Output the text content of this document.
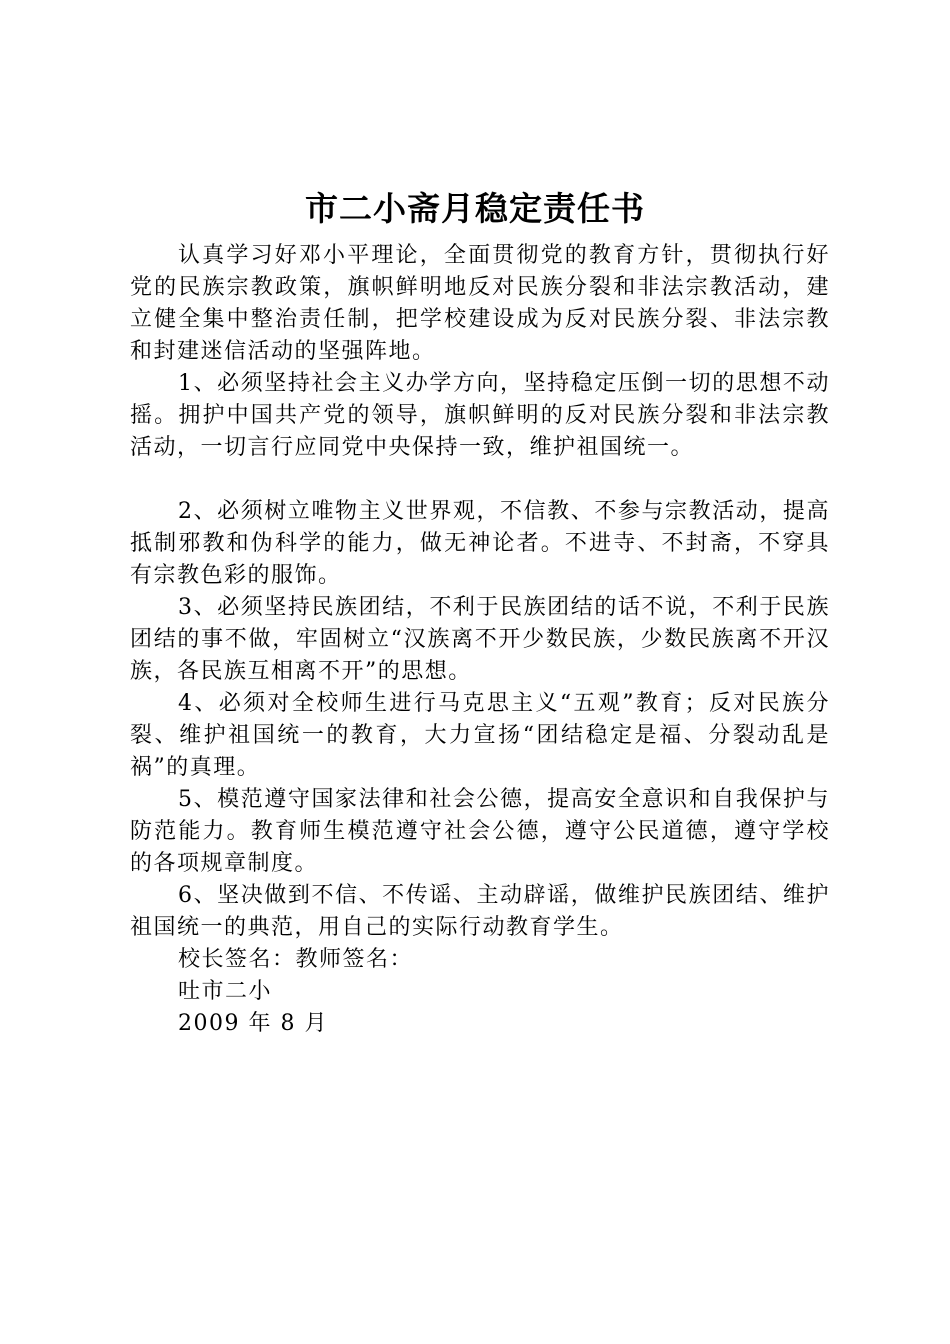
市二小斋月稳定责任书

认真学习好邓小平理论，全面贯彻党的教育方针，贯彻执行好党的民族宗教政策，旗帜鲜明地反对民族分裂和非法宗教活动，建立健全集中整治责任制，把学校建设成为反对民族分裂、非法宗教和封建迷信活动的坚强阵地。

1、必须坚持社会主义办学方向，坚持稳定压倒一切的思想不动摇。拥护中国共产党的领导，旗帜鲜明的反对民族分裂和非法宗教活动，一切言行应同党中央保持一致，维护祖国统一。

2、必须树立唯物主义世界观，不信教、不参与宗教活动，提高抵制邪教和伪科学的能力，做无神论者。不进寺、不封斋，不穿具有宗教色彩的服饰。

3、必须坚持民族团结，不利于民族团结的话不说，不利于民族团结的事不做，牢固树立“汉族离不开少数民族，少数民族离不开汉族，各民族互相离不开”的思想。

4、必须对全校师生进行马克思主义“五观”教育；反对民族分裂、维护祖国统一的教育，大力宣扬“团结稳定是福、分裂动乱是祸”的真理。

5、模范遵守国家法律和社会公德，提高安全意识和自我保护与防范能力。教育师生模范遵守社会公德，遵守公民道德，遵守学校的各项规章制度。

6、坚决做到不信、不传谣、主动辟谣，做维护民族团结、维护祖国统一的典范，用自己的实际行动教育学生。

校长签名：教师签名：
吐市二小
2009 年 8 月
